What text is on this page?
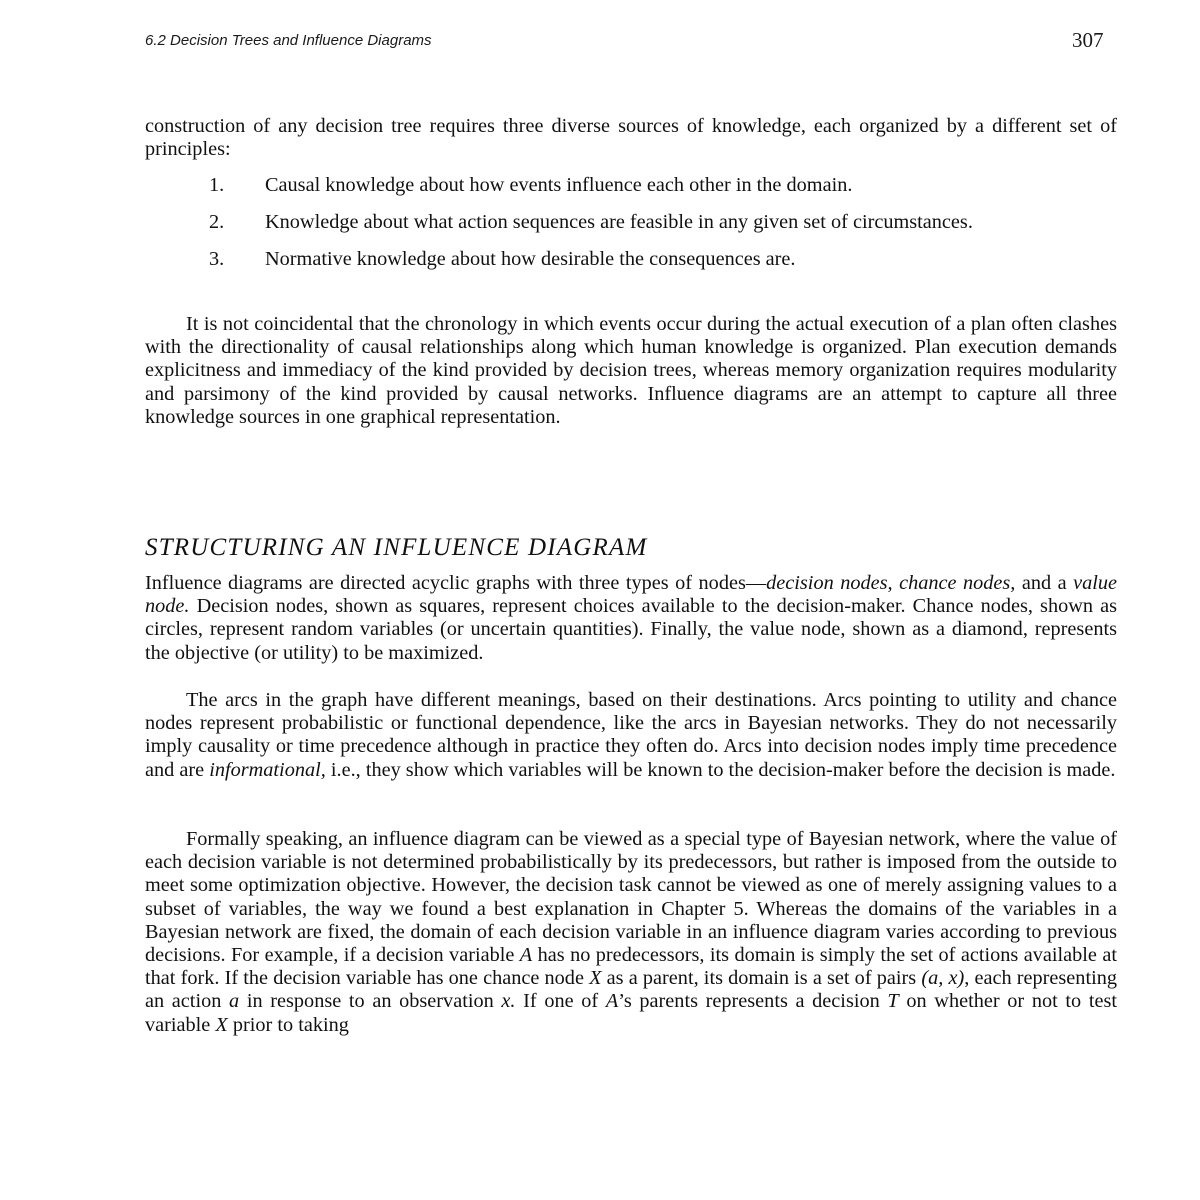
6.2 Decision Trees and Influence Diagrams	307

construction of any decision tree requires three diverse sources of knowledge, each organized by a different set of principles:

1. Causal knowledge about how events influence each other in the domain.
2. Knowledge about what action sequences are feasible in any given set of circumstances.
3. Normative knowledge about how desirable the consequences are.

It is not coincidental that the chronology in which events occur during the actual execution of a plan often clashes with the directionality of causal relationships along which human knowledge is organized. Plan execution demands explicitness and immediacy of the kind provided by decision trees, whereas memory organization requires modularity and parsimony of the kind provided by causal networks. Influence diagrams are an attempt to capture all three knowledge sources in one graphical representation.

STRUCTURING AN INFLUENCE DIAGRAM

Influence diagrams are directed acyclic graphs with three types of nodes—decision nodes, chance nodes, and a value node. Decision nodes, shown as squares, represent choices available to the decision-maker. Chance nodes, shown as circles, represent random variables (or uncertain quantities). Finally, the value node, shown as a diamond, represents the objective (or utility) to be maximized.

The arcs in the graph have different meanings, based on their destinations. Arcs pointing to utility and chance nodes represent probabilistic or functional dependence, like the arcs in Bayesian networks. They do not necessarily imply causality or time precedence although in practice they often do. Arcs into decision nodes imply time precedence and are informational, i.e., they show which variables will be known to the decision-maker before the decision is made.

Formally speaking, an influence diagram can be viewed as a special type of Bayesian network, where the value of each decision variable is not determined probabilistically by its predecessors, but rather is imposed from the outside to meet some optimization objective. However, the decision task cannot be viewed as one of merely assigning values to a subset of variables, the way we found a best explanation in Chapter 5. Whereas the domains of the variables in a Bayesian network are fixed, the domain of each decision variable in an influence diagram varies according to previous decisions. For example, if a decision variable A has no predecessors, its domain is simply the set of actions available at that fork. If the decision variable has one chance node X as a parent, its domain is a set of pairs (a, x), each representing an action a in response to an observation x. If one of A’s parents represents a decision T on whether or not to test variable X prior to taking
